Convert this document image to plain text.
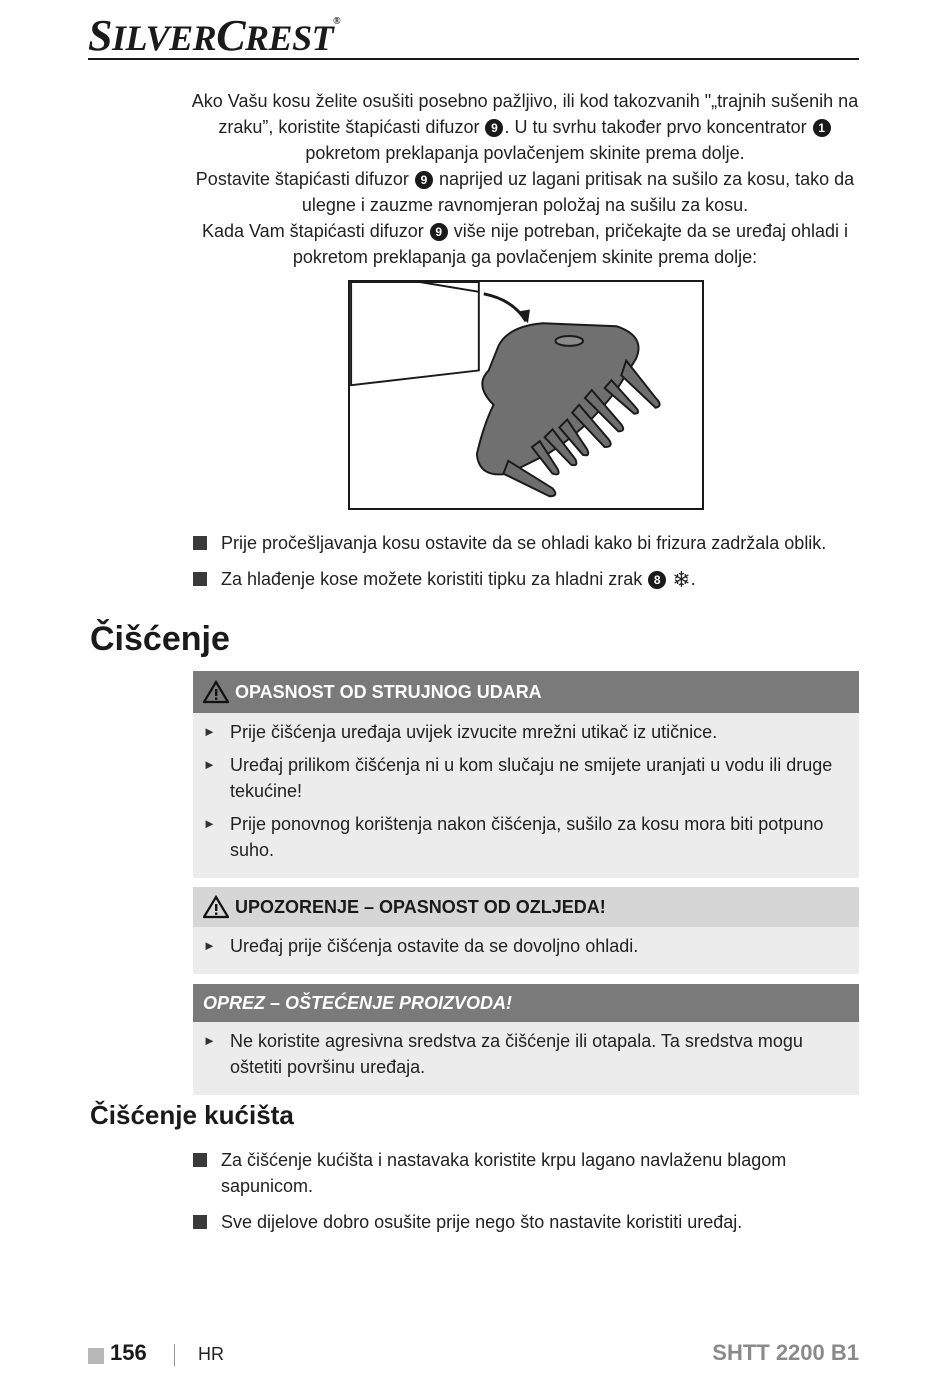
SILVERCREST®

Ako Vašu kosu želite osušiti posebno pažljivo, ili kod takozvanih "„trajnih sušenih na zraku”, koristite štapićasti difuzor 9 . U tu svrhu također prvo koncentrator 1 pokretom preklapanja povlačenjem skinite prema dolje.

Postavite štapićasti difuzor 9 naprijed uz lagani pritisak na sušilo za kosu, tako da ulegne i zauzme ravnomjeran položaj na sušilu za kosu.

Kada Vam štapićasti difuzor 9 više nije potreban, pričekajte da se uređaj ohladi i pokretom preklapanja ga povlačenjem skinite prema dolje:

Prije pročešljavanja kosu ostavite da se ohladi kako bi frizura zadržala oblik.
Za hlađenje kose možete koristiti tipku za hladni zrak 8 ❄.
Čišćenje
OPASNOST OD STRUJNOG UDARA
► Prije čišćenja uređaja uvijek izvucite mrežni utikač iz utičnice.
► Uređaj prilikom čišćenja ni u kom slučaju ne smijete uranjati u vodu ili druge tekućine!
► Prije ponovnog korištenja nakon čišćenja, sušilo za kosu mora biti potpuno suho.
UPOZORENJE – OPASNOST OD OZLJEDA!
► Uređaj prije čišćenja ostavite da se dovoljno ohladi.
OPREZ – OŠTEĆENJE PROIZVODA!
► Ne koristite agresivna sredstva za čišćenje ili otapala. Ta sredstva mogu oštetiti površinu uređaja.
Čišćenje kućišta
Za čišćenje kućišta i nastavaka koristite krpu lagano navlaženu blagom sapunicom.
Sve dijelove dobro osušite prije nego što nastavite koristiti uređaj.
156	HR	SHTT 2200 B1
